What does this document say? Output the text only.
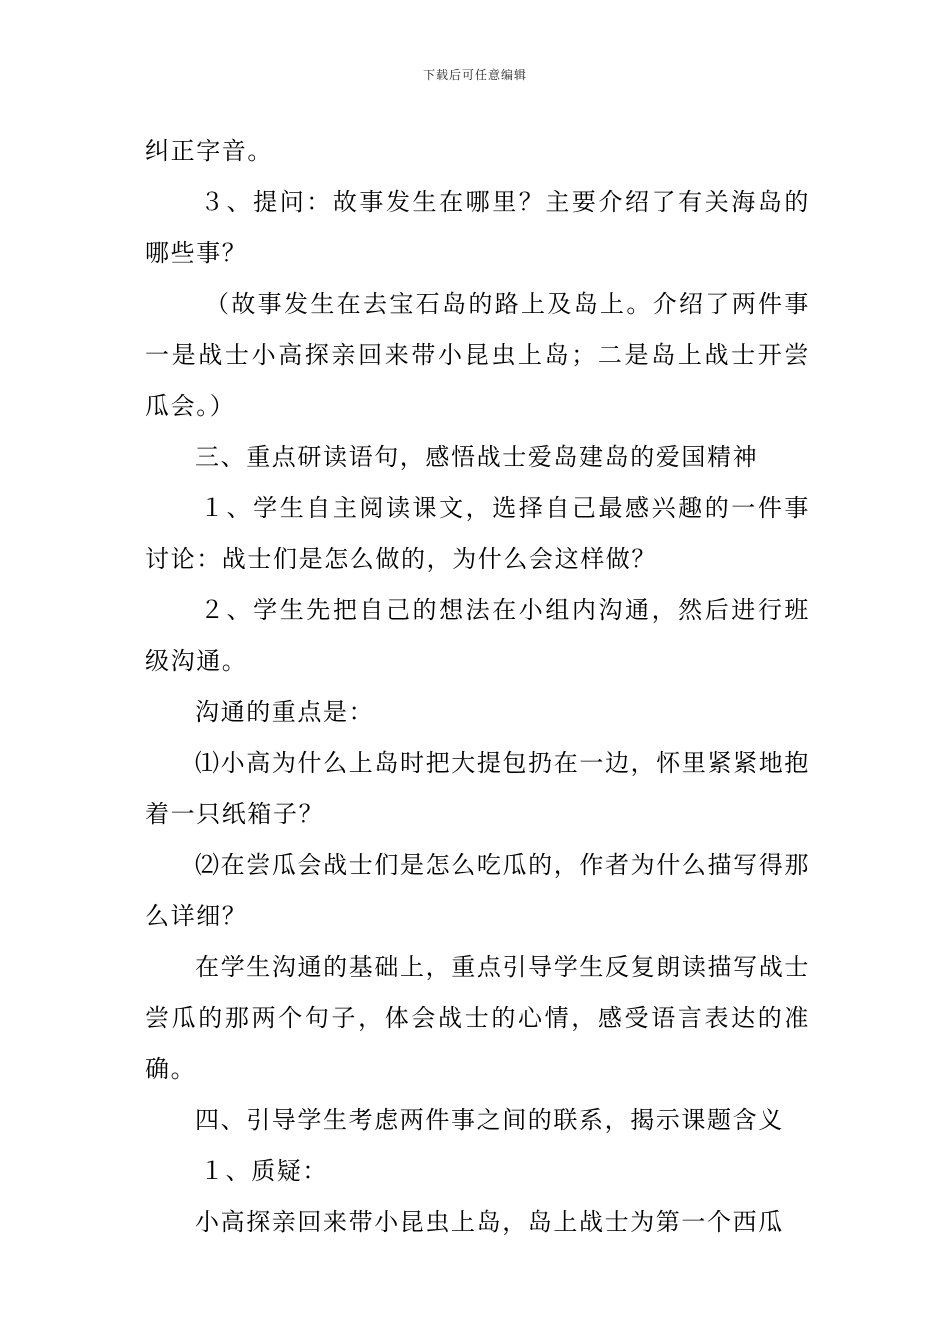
下载后可任意编辑

纠正字音。

３、提问：故事发生在哪里？主要介绍了有关海岛的哪些事？

（故事发生在去宝石岛的路上及岛上。介绍了两件事一是战士小高探亲回来带小昆虫上岛；二是岛上战士开尝瓜会。）

三、重点研读语句，感悟战士爱岛建岛的爱国精神

１、学生自主阅读课文，选择自己最感兴趣的一件事讨论：战士们是怎么做的，为什么会这样做？

２、学生先把自己的想法在小组内沟通，然后进行班级沟通。

沟通的重点是：

⑴小高为什么上岛时把大提包扔在一边，怀里紧紧地抱着一只纸箱子？

⑵在尝瓜会战士们是怎么吃瓜的，作者为什么描写得那么详细？

在学生沟通的基础上，重点引导学生反复朗读描写战士尝瓜的那两个句子，体会战士的心情，感受语言表达的准确。

四、引导学生考虑两件事之间的联系，揭示课题含义

１、质疑：

小高探亲回来带小昆虫上岛，岛上战士为第一个西瓜
